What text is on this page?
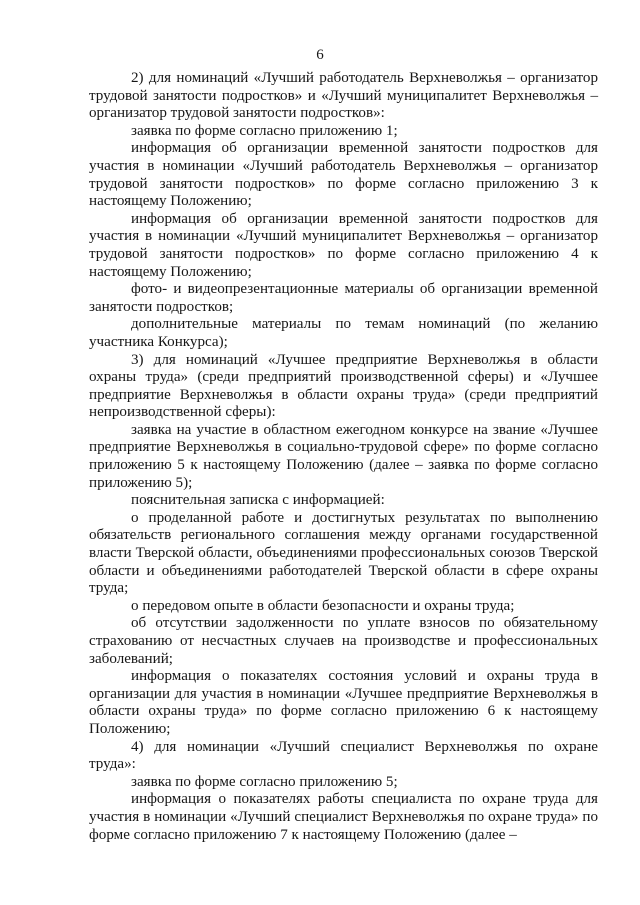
6

2) для номинаций «Лучший работодатель Верхневолжья – организатор трудовой занятости подростков» и «Лучший муниципалитет Верхневолжья – организатор трудовой занятости подростков»:

заявка по форме согласно приложению 1;

информация об организации временной занятости подростков для участия в номинации «Лучший работодатель Верхневолжья – организатор трудовой занятости подростков» по форме согласно приложению 3 к настоящему Положению;

информация об организации временной занятости подростков для участия в номинации «Лучший муниципалитет Верхневолжья – организатор трудовой занятости подростков» по форме согласно приложению 4 к настоящему Положению;

фото- и видеопрезентационные материалы об организации временной занятости подростков;

дополнительные материалы по темам номинаций (по желанию участника Конкурса);

3) для номинаций «Лучшее предприятие Верхневолжья в области охраны труда» (среди предприятий производственной сферы) и «Лучшее предприятие Верхневолжья в области охраны труда» (среди предприятий непроизводственной сферы):

заявка на участие в областном ежегодном конкурсе на звание «Лучшее предприятие Верхневолжья в социально-трудовой сфере» по форме согласно приложению 5 к настоящему Положению (далее – заявка по форме согласно приложению 5);

пояснительная записка с информацией:

о проделанной работе и достигнутых результатах по выполнению обязательств регионального соглашения между органами государственной власти Тверской области, объединениями профессиональных союзов Тверской области и объединениями работодателей Тверской области в сфере охраны труда;

о передовом опыте в области безопасности и охраны труда;

об отсутствии задолженности по уплате взносов по обязательному страхованию от несчастных случаев на производстве и профессиональных заболеваний;

информация о показателях состояния условий и охраны труда в организации для участия в номинации «Лучшее предприятие Верхневолжья в области охраны труда» по форме согласно приложению 6 к настоящему Положению;

4) для номинации «Лучший специалист Верхневолжья по охране труда»:

заявка по форме согласно приложению 5;

информация о показателях работы специалиста по охране труда для участия в номинации «Лучший специалист Верхневолжья по охране труда» по форме согласно приложению 7 к настоящему Положению (далее –
